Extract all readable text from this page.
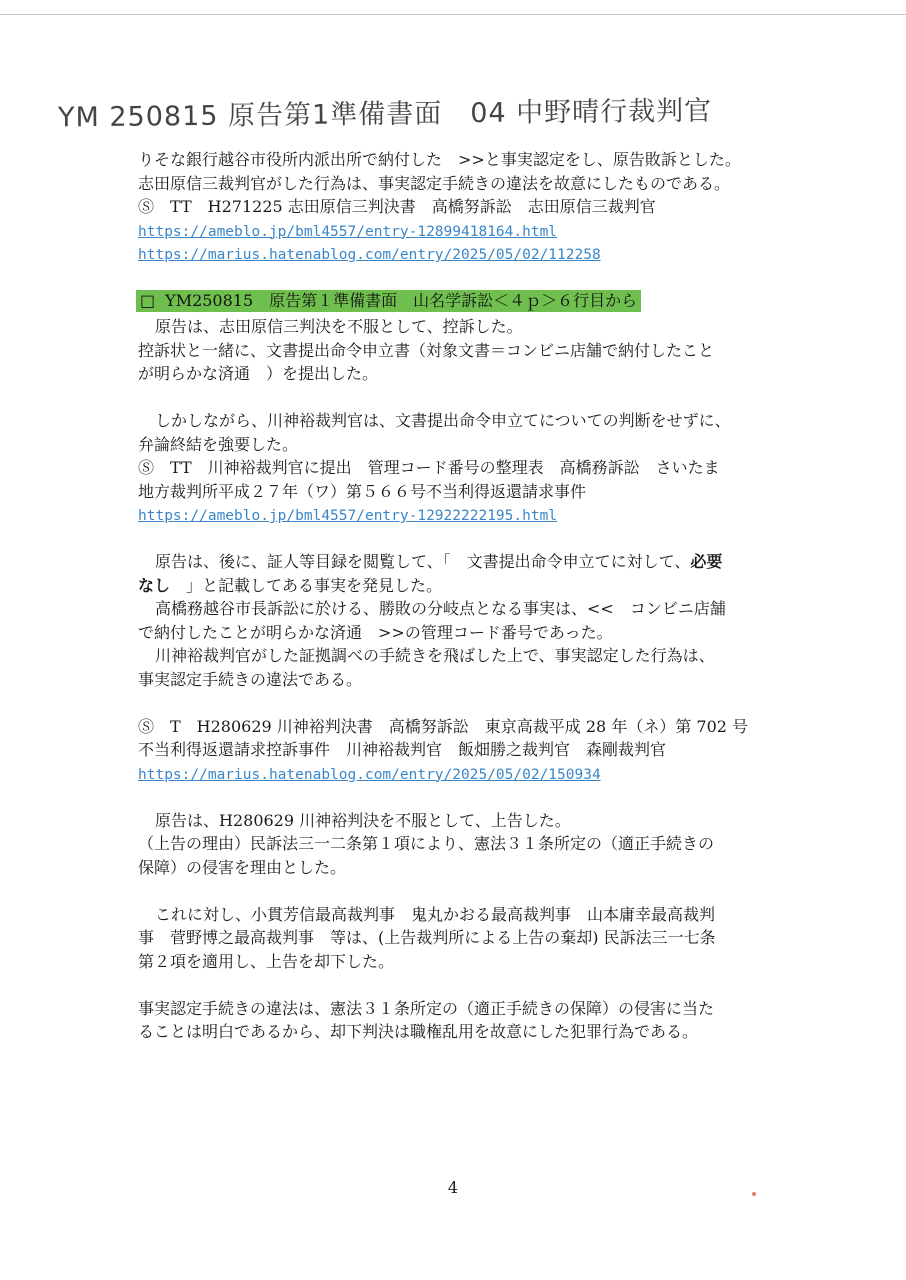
YM 250815 原告第1準備書面　04 中野晴行裁判官
りそな銀行越谷市役所内派出所で納付した　>>と事実認定をし、原告敗訴とした。
志田原信三裁判官がした行為は、事実認定手続きの違法を故意にしたものである。
Ⓢ　TT　H271225 志田原信三判決書　高橋努訴訟　志田原信三裁判官
https://ameblo.jp/bml4557/entry-12899418164.html
https://marius.hatenablog.com/entry/2025/05/02/112258
□ YM250815　原告第１準備書面　山名学訴訟＜４ｐ＞６行目から
原告は、志田原信三判決を不服として、控訴した。
控訴状と一緒に、文書提出命令申立書（対象文書＝コンビニ店舗で納付したこと
が明らかな済通　）を提出した。
しかしながら、川神裕裁判官は、文書提出命令申立てについての判断をせずに、
弁論終結を強要した。
Ⓢ　TT　川神裕裁判官に提出　管理コード番号の整理表　高橋務訴訟　さいたま
地方裁判所平成２７年（ワ）第５６６号不当利得返還請求事件
https://ameblo.jp/bml4557/entry-12922222195.html
原告は、後に、証人等目録を閲覧して、「　文書提出命令申立てに対して、必要
なし　」と記載してある事実を発見した。
高橋務越谷市長訴訟に於ける、勝敗の分岐点となる事実は、<<　コンビニ店舗
で納付したことが明らかな済通　>>の管理コード番号であった。
川神裕裁判官がした証拠調べの手続きを飛ばした上で、事実認定した行為は、
事実認定手続きの違法である。
Ⓢ　T　H280629 川神裕判決書　高橋努訴訟　東京高裁平成 28 年（ネ）第 702 号
不当利得返還請求控訴事件　川神裕裁判官　飯畑勝之裁判官　森剛裁判官
https://marius.hatenablog.com/entry/2025/05/02/150934
原告は、H280629 川神裕判決を不服として、上告した。
（上告の理由）民訴法三一二条第１項により、憲法３１条所定の（適正手続きの
保障）の侵害を理由とした。
これに対し、小貫芳信最高裁判事　鬼丸かおる最高裁判事　山本庸幸最高裁判
事　菅野博之最高裁判事　等は、(上告裁判所による上告の棄却) 民訴法三一七条
第２項を適用し、上告を却下した。
事実認定手続きの違法は、憲法３１条所定の（適正手続きの保障）の侵害に当た
ることは明白であるから、却下判決は職権乱用を故意にした犯罪行為である。
4
